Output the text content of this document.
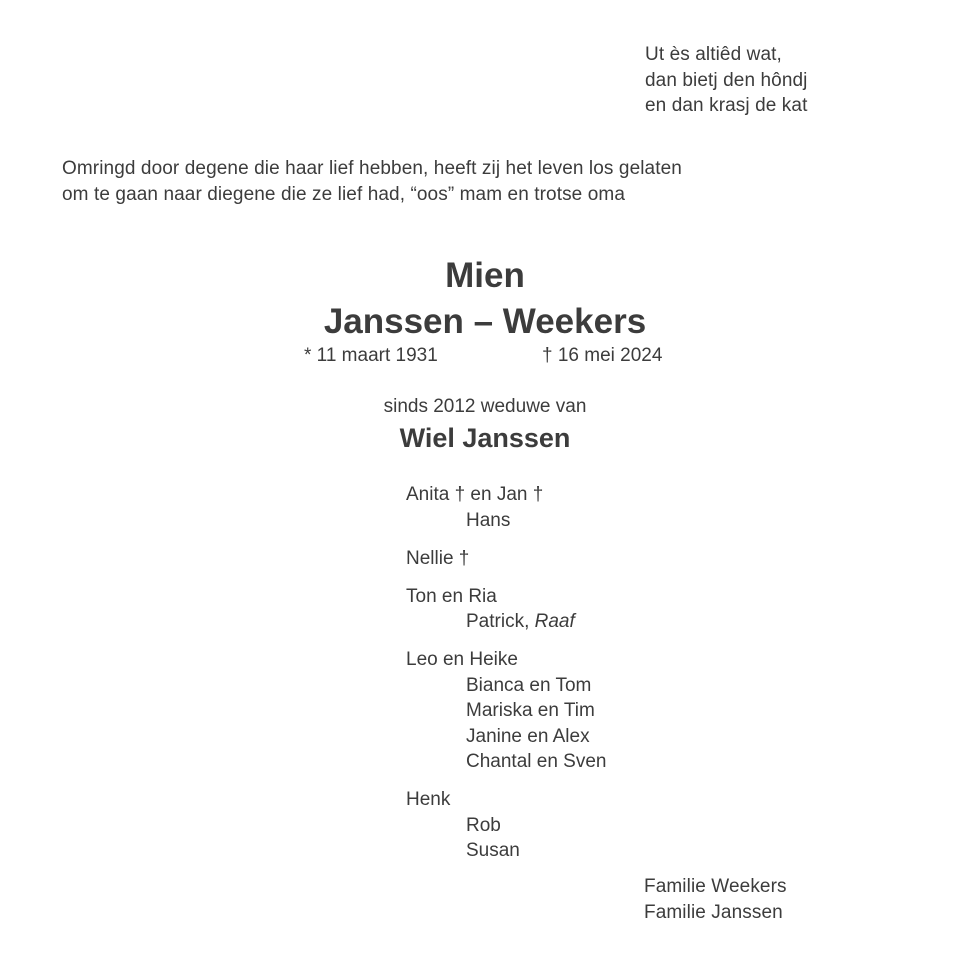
Ut ès altiêd wat,
dan bietj den hôndj
en dan krasj de kat
Omringd door degene die haar lief hebben, heeft zij het leven los gelaten
om te gaan naar diegene die ze lief had, “oos” mam en trotse oma
Mien
Janssen – Weekers
* 11 maart 1931	† 16 mei 2024
sinds 2012 weduwe van
Wiel Janssen
Anita † en Jan †
Hans
Nellie †
Ton en Ria
Patrick, Raaf
Leo en Heike
Bianca en Tom
Mariska en Tim
Janine en Alex
Chantal en Sven
Henk
Rob
Susan
Familie Weekers
Familie Janssen
